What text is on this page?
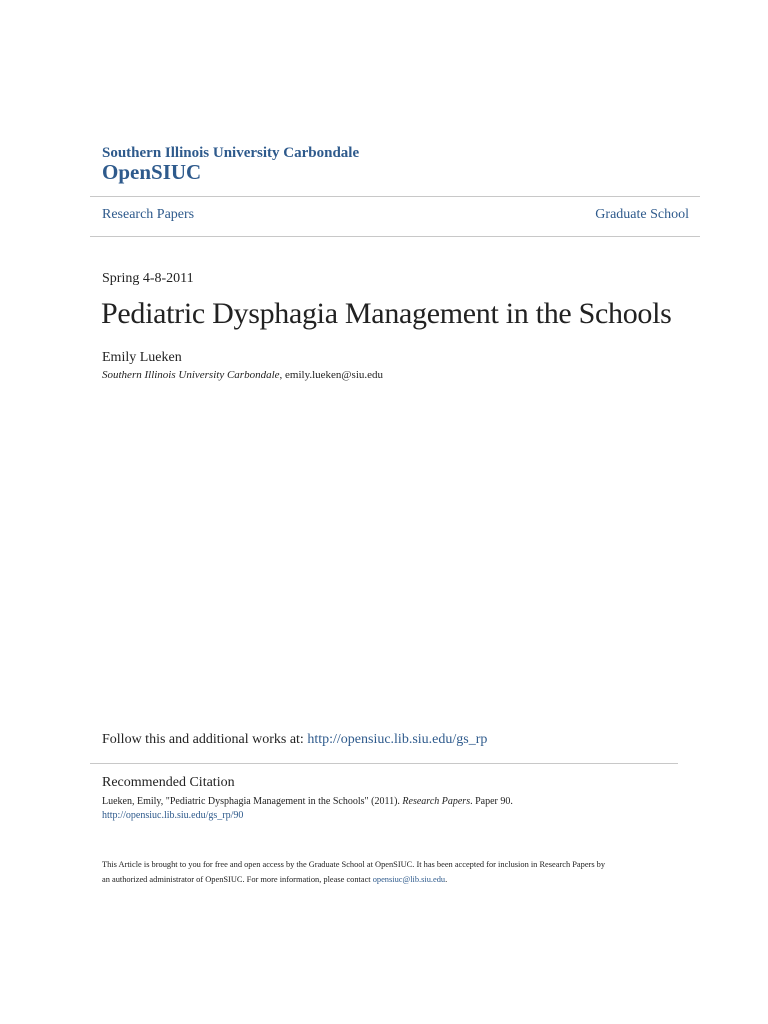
Southern Illinois University Carbondale
OpenSIUC
Research Papers	Graduate School
Spring 4-8-2011
Pediatric Dysphagia Management in the Schools
Emily Lueken
Southern Illinois University Carbondale, emily.lueken@siu.edu
Follow this and additional works at: http://opensiuc.lib.siu.edu/gs_rp
Recommended Citation
Lueken, Emily, "Pediatric Dysphagia Management in the Schools" (2011). Research Papers. Paper 90.
http://opensiuc.lib.siu.edu/gs_rp/90
This Article is brought to you for free and open access by the Graduate School at OpenSIUC. It has been accepted for inclusion in Research Papers by
an authorized administrator of OpenSIUC. For more information, please contact opensiuc@lib.siu.edu.
